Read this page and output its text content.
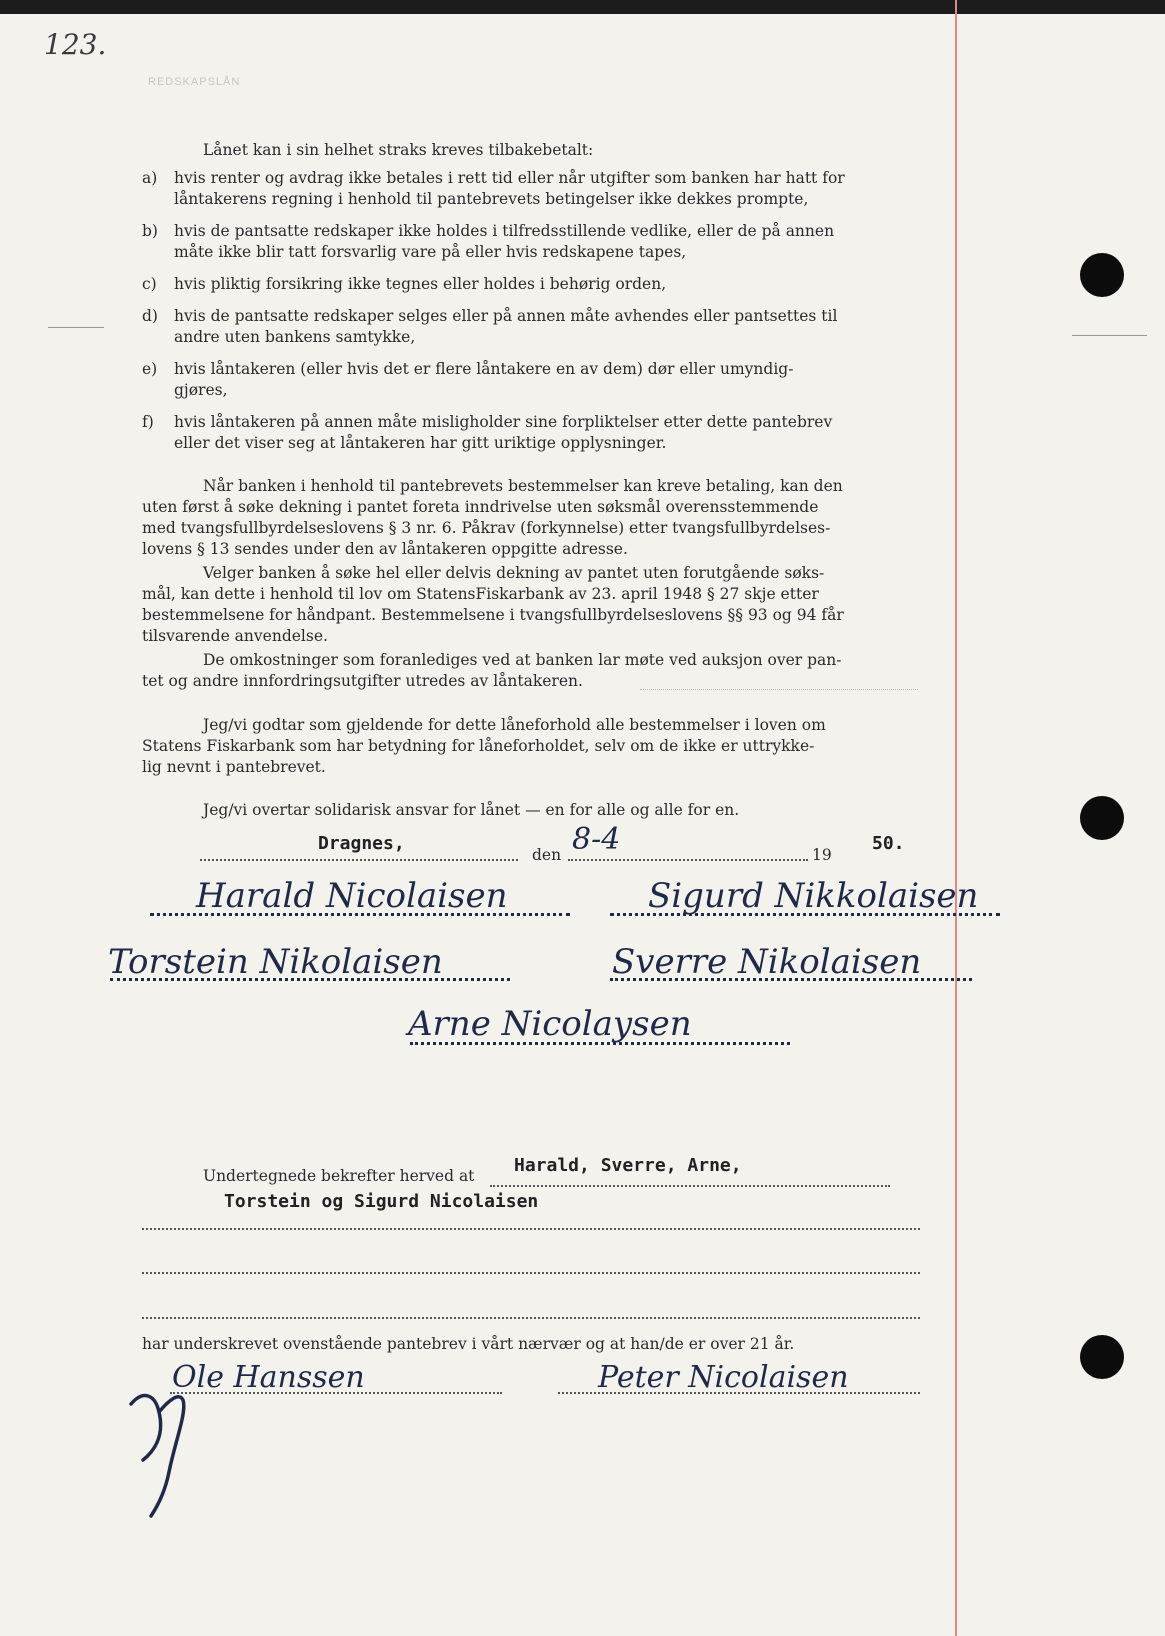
123.
REDSKAPSLÅN
Lånet kan i sin helhet straks kreves tilbakebetalt:
a) hvis renter og avdrag ikke betales i rett tid eller når utgifter som banken har hatt for
låntakerens regning i henhold til pantebrevets betingelser ikke dekkes prompte,
b) hvis de pantsatte redskaper ikke holdes i tilfredsstillende vedlike, eller de på annen
måte ikke blir tatt forsvarlig vare på eller hvis redskapene tapes,
c) hvis pliktig forsikring ikke tegnes eller holdes i behørig orden,
d) hvis de pantsatte redskaper selges eller på annen måte avhendes eller pantsettes til
andre uten bankens samtykke,
e) hvis låntakeren (eller hvis det er flere låntakere en av dem) dør eller umyndig-
gjøres,
f) hvis låntakeren på annen måte misligholder sine forpliktelser etter dette pantebrev
eller det viser seg at låntakeren har gitt uriktige opplysninger.
Når banken i henhold til pantebrevets bestemmelser kan kreve betaling, kan den
uten først å søke dekning i pantet foreta inndrivelse uten søksmål overensstemmende
med tvangsfullbyrdelseslovens § 3 nr. 6. Påkrav (forkynnelse) etter tvangsfullbyrdelses-
lovens § 13 sendes under den av låntakeren oppgitte adresse.
Velger banken å søke hel eller delvis dekning av pantet uten forutgående søks-
mål, kan dette i henhold til lov om StatensFiskarbank av 23. april 1948 § 27 skje etter
bestemmelsene for håndpant. Bestemmelsene i tvangsfullbyrdelseslovens §§ 93 og 94 får
tilsvarende anvendelse.
De omkostninger som foranlediges ved at banken lar møte ved auksjon over pan-
tet og andre innfordringsutgifter utredes av låntakeren.
Jeg/vi godtar som gjeldende for dette låneforhold alle bestemmelser i loven om
Statens Fiskarbank som har betydning for låneforholdet, selv om de ikke er uttrykke-
lig nevnt i pantebrevet.
Jeg/vi overtar solidarisk ansvar for lånet — en for alle og alle for en.
Dragnes,
den 8-4	19
50.
Harald Nicolaisen	Sigurd Nikkolaisen
Torstein Nikolaisen	Sverre Nikolaisen
Arne Nicolaysen
Undertegnede bekrefter herved at Harald, Sverre, Arne,
Torstein og Sigurd Nicolaisen
har underskrevet ovenstående pantebrev i vårt nærvær og at han/de er over 21 år.
Ole Hanssen	Peter Nicolaisen
